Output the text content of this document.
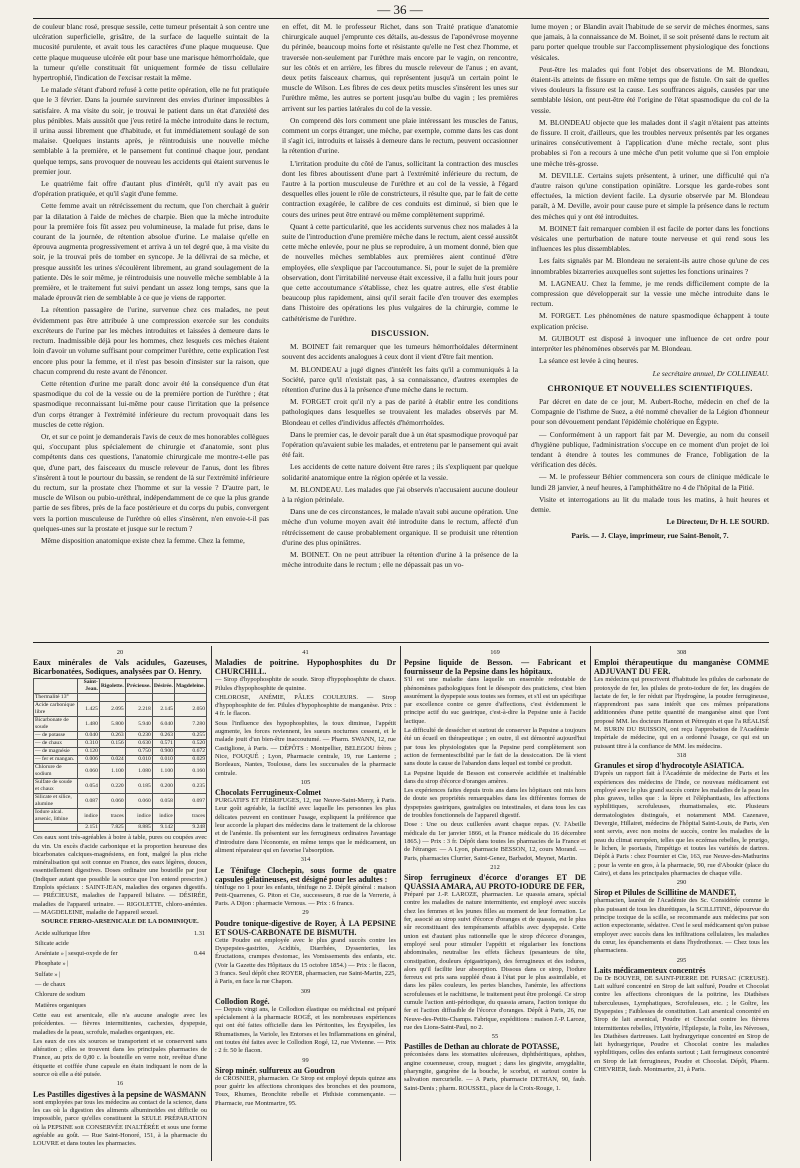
— 36 —

de couleur blanc rosé, presque sessile, cette tumeur présentait à son centre une ulcération superficielle, grisâtre, de la surface de laquelle suintait de la mucosité purulente, et avait tous les caractères d'une plaque muqueuse. Que cette plaque muqueuse ulcérée eût pour base une marisque hémorrhoïdale, que la tumeur qu'elle constituait fût uniquement formée de tissu cellulaire hypertrophié, l'indication de l'excisar restait la même.

Le malade s'étant d'abord refusé à cette petite opération, elle ne fut pratiquée que le 3 février. Dans la journée survinrent des envies d'uriner impossibles à satisfaire. A ma visite du soir, je trouvai le patient dans un état d'anxiété des plus pénibles. Mais aussitôt que j'eus retiré la mèche introduite dans le rectum, il urina aussi librement que d'habitude, et fut immédiatement soulagé de son malaise. Quelques instants après, je réintroduisis une nouvelle mèche semblable à la première, et le pansement fut continué chaque jour, pendant quelque temps, sans provoquer de nouveau les accidents qui étaient survenus le premier jour.

Le quatrième fait offre d'autant plus d'intérêt, qu'il n'y avait pas eu d'opération pratiquée, et qu'il s'agit d'une femme.

Cette femme avait un rétrécissement du rectum, que l'on cherchait à guérir par la dilatation à l'aide de mèches de charpie. Bien que la mèche introduite pour la première fois fût assez peu volumineuse, la malade fut prise, dans le courant de la journée, de rétention absolue d'urine. Le malaise qu'elle en éprouva augmenta progressivement et arriva à un tel degré que, à ma visite du soir, je la trouvai près de tomber en syncope. Je la délivrai de sa mèche, et presque aussitôt les urines s'écoulèrent librement, au grand soulagement de la patiente. Dès le soir même, je réintroduisis une nouvelle mèche semblable à la première, et le traitement fut suivi pendant un assez long temps, sans que la malade éprouvât rien de semblable à ce que je viens de rapporter.

La rétention passagère de l'urine, survenue chez ces malades, ne peut évidemment pas être attribuée à une compression exercée sur les conduits excréteurs de l'urine par les mèches introduites et laissées à demeure dans le rectum. Inadmissible déjà pour les hommes, chez lesquels ces mèches étaient loin d'avoir un volume suffisant pour comprimer l'urèthre, cette explication l'est encore plus pour la femme, et il n'est pas besoin d'insister sur la raison, que chacun comprend du reste avant de l'énoncer.

Cette rétention d'urine me paraît donc avoir été la conséquence d'un état spasmodique du col de la vessie ou de la première portion de l'urèthre ; état spasmodique reconnaissant lui-même pour cause l'irritation que la présence d'un corps étranger à l'extrémité inférieure du rectum provoquait dans les muscles de cette région.

Or, et sur ce point je demanderais l'avis de ceux de mes honorables collègues qui, s'occupant plus spécialement de chirurgie et d'anatomie, sont plus compétents dans ces questions, l'anatomie chirurgicale me montre-t-elle pas que, d'une part, des faisceaux du muscle releveur de l'anus, dont les fibres s'insèrent à tout le pourtour du bassin, se rendent de là sur l'extrémité inférieure du rectum, sur la prostate chez l'homme et sur la vessie ? D'autre part, le muscle de Wilson ou pubio-uréthral, indépendamment de ce que la plus grande partie de ses fibres, près de la face postérieure et du corps du pubis, convergent vers la portion musculeuse de l'urèthre où elles s'insèrent, n'en envoie-t-il pas quelques-unes sur la prostate et jusque sur le rectum ?

Même disposition anatomique existe chez la femme. Chez la femme,

en effet, dit M. le professeur Richet, dans son Traité pratique d'anatomie chirurgicale auquel j'emprunte ces détails, au-dessus de l'aponévrose moyenne du périnée, beaucoup moins forte et résistante qu'elle ne l'est chez l'homme, et traversée non-seulement par l'urèthre mais encore par le vagin, on rencontre, sur les côtés et en arrière, les fibres du muscle releveur de l'anus ; en avant, deux petits faisceaux charnus, qui représentent jusqu'à un certain point le muscle de Wilson. Les fibres de ces deux petits muscles s'insèrent les unes sur l'urèthre même, les autres se portent jusqu'au bulbe du vagin ; les premières arrivent sur les parties latérales du col de la vessie.

On comprend dès lors comment une plaie intéressant les muscles de l'anus, comment un corps étranger, une mèche, par exemple, comme dans les cas dont il s'agit ici, introduits et laissés à demeure dans le rectum, peuvent occasionner la rétention d'urine.

L'irritation produite du côté de l'anus, sollicitant la contraction des muscles dont les fibres aboutissent d'une part à l'extrémité inférieure du rectum, de l'autre à la portion musculeuse de l'urèthre et au col de la vessie, à l'égard desquelles elles jouent le rôle de constricteurs, il résulte que, par le fait de cette contraction exagérée, le calibre de ces conduits est diminué, si bien que le cours des urines peut être entravé ou même complètement supprimé.

Quant à cette particularité, que les accidents survenus chez nos malades à la suite de l'introduction d'une première mèche dans le rectum, aient cessé aussitôt cette mèche enlevée, pour ne plus se reproduire, à un moment donné, bien que de nouvelles mèches semblables aux premières aient continué d'être employées, elle s'explique par l'accoutumance. Si, pour le sujet de la première observation, dont l'irritabilité nerveuse était excessive, il a fallu huit jours pour que cette accoutumance s'établisse, chez les quatre autres, elle s'est établie beaucoup plus rapidement, ainsi qu'il serait facile d'en trouver des exemples dans l'histoire des opérations les plus vulgaires de la chirurgie, comme le cathétérisme de l'urèthre.

DISCUSSION.

M. BOINET fait remarquer que les tumeurs hémorrhoïdales déterminent souvent des accidents analogues à ceux dont il vient d'être fait mention.

M. BLONDEAU a jugé dignes d'intérêt les faits qu'il a communiqués à la Société, parce qu'il n'existait pas, à sa connaissance, d'autres exemples de rétention d'urine dus à la présence d'une mèche dans le rectum.

M. FORGET croit qu'il n'y a pas de parité à établir entre les conditions pathologiques dans lesquelles se trouvaient les malades observés par M. Blondeau et celles d'individus affectés d'hémorrhoïdes.

Dans le premier cas, le devoir paraît due à un état spasmodique provoqué par l'opération qu'avaient subie les malades, et entretenu par le pansement qui avait été fait.

Les accidents de cette nature doivent être rares ; ils s'expliquent par quelque solidarité anatomique entre la région opérée et la vessie.

M. BLONDEAU. Les malades que j'ai observés n'accusaient aucune douleur à la région périnéale.

Dans une de ces circonstances, le malade n'avait subi aucune opération. Une mèche d'un volume moyen avait été introduite dans le rectum, affecté d'un rétrécissement de cause probablement organique. Il se produisit une rétention d'urine des plus opiniâtres.

M. BOINET. On ne peut attribuer la rétention d'urine à la présence de la mèche introduite dans le rectum ; elle ne dépassait pas un vo-

lume moyen ; or Blandin avait l'habitude de se servir de mèches énormes, sans que jamais, à la connaissance de M. Boinet, il se soit présenté dans le rectum ait paru porter quelque trouble sur l'accomplissement physiologique des fonctions vésicales.

Peut-être les malades qui font l'objet des observations de M. Blondeau, étaient-ils atteints de fissure en même temps que de fistule. On sait de quelles vives douleurs la fissure est la cause. Les souffrances aiguës, causées par une semblable lésion, ont peut-être été l'origine de l'état spasmodique du col de la vessie.

M. BLONDEAU objecte que les malades dont il s'agit n'étaient pas atteints de fissure. Il croit, d'ailleurs, que les troubles nerveux présentés par les organes urinaires consécutivement à l'application d'une mèche rectale, sont plus probables si l'on a recours à une mèche d'un petit volume que si l'on emploie une mèche très-grosse.

M. DEVILLE. Certains sujets présentent, à uriner, une difficulté qui n'a d'autre raison qu'une constipation opiniâtre. Lorsque les garde-robes sont effectuées, la miction devient facile. La dysurie observée par M. Blondeau paraît, à M. Deville, avoir pour cause pure et simple la présence dans le rectum des mèches qui y ont été introduites.

M. BOINET fait remarquer combien il est facile de porter dans les fonctions vésicales une perturbation de nature toute nerveuse et qui rend sous les influences les plus dissemblables.

Les faits signalés par M. Blondeau ne seraient-ils autre chose qu'une de ces innombrables bizarreries auxquelles sont sujettes les fonctions urinaires ?

M. LAGNEAU. Chez la femme, je me rends difficilement compte de la compression que développerait sur la vessie une mèche introduite dans le rectum.

M. FORGET. Les phénomènes de nature spasmodique échappent à toute explication précise.

M. GUIBOUT est disposé à invoquer une influence de cet ordre pour interpréter les phénomènes observés par M. Blondeau.

La séance est levée à cinq heures.

Le secrétaire annuel, Dr COLLINEAU.
CHRONIQUE ET NOUVELLES SCIENTIFIQUES.

Par décret en date de ce jour, M. Aubert-Roche, médecin en chef de la Compagnie de l'isthme de Suez, a été nommé chevalier de la Légion d'honneur pour son dévouement pendant l'épidémie cholérique en Égypte.

— Conformément à un rapport fait par M. Devergie, au nom du conseil d'hygiène publique, l'administration s'occupe en ce moment d'un projet de loi tendant à étendre à toutes les communes de France, l'obligation de la vérification des décès.

— M. le professeur Béhier commencera son cours de clinique médicale le lundi 28 janvier, à neuf heures, à l'amphithéâtre no 4 de l'hôpital de la Pitié.

Visite et interrogations au lit du malade tous les matins, à huit heures et demie.

Le Directeur, Dr H. LE SOURD.
Paris. — J. Claye, imprimeur, rue Saint-Benoît, 7.
20
Eaux minérales de Vals acidules, Gazeuses, Bicarbonatées, Sodiques, analysées par O. Henry.
	Saint-Jean.	Rigolette.	Précieuse.	Désirée.	Magdeleine.
Thermalité 13°					
Acide carbonique libre	1.425	2.095	2.218	2.145	2.050
Bicarbonate de soude	1.480	5.800	5.940	6.040	7.280
— de potasse	0.040	0.263	0.230	0.263	0.255
— de chaux	0.310	0.156	0.630	0.571	0.520
— de magnésie	0.120		0.750	0.900	0.672
— fer et mangan.	0.006	0.024	0.010	0.010	0.029
Chlorure de sodium	0.060	1.100	1.080	1.100	0.160
Sulfate de soude et chaux	0.054	0.220	0.185	0.200	0.235
Silicate et silice, alumine	0.087	0.060	0.060	0.058	0.097
Iodure alcal. arsenic, lithine	indice	traces	indice	indice	traces
	2.151	7.825	8.885	9.142	9.248

Ces eaux sont très-agréables à boire à table, pures ou coupées avec du vin. Un excès d'acide carbonique et la proportion heureuse des bicarbonates calciques-magnésiens, en font, malgré la plus riche minéralisation qui soit connue en France, des eaux légères, douces, essentiellement digestives. Doses ordinaire une bouteille par jour (Indiquer autant que possible la source que l'on entend prescrire.) Emplois spéciaux : SAINT-JEAN, maladies des organes digestifs. — PRÉCIEUSE, maladies de l'appareil biliaire. — DÉSIRÉE, maladies de l'appareil urinaire. — RIGOLETTE, chloro-anémies. — MAGDELEINE, maladie de l'appareil sexuel.

SOURCE FERRO-ARSENICALE DE LA DOMINIQUE.
Acide sulfurique libre	1.31
Silicate acide	
Arséniate » | sesqui-oxyde de fer	0.44
Phosphate » |	
Sulfate » |	
— de chaux	
Chlorure de sodium	
Matières organiques	

Cette eau est arsenicale, elle n'a aucune analogie avec les précédentes. — fièvres intermittentes, cachexies, dyspepsie, maladies de la peau, scrofule, maladies organiques, etc.

Les eaux de ces six sources se transportent et se conservent sans altération ; elles se trouvent dans les principales pharmacies de France, au prix de 0,80 c. la bouteille en verre noir, revêtue d'une étiquette et coiffée d'une capsule en étain indiquant le nom de la source où elle a été puisée.

16
Les Pastilles digestives à la pepsine de WASMANN

sont employées par tous les médecins au contact de la science, dans les cas où la digestion des aliments albuminoïdes est difficile ou impossible, parce qu'elles constituent la SEULE PRÉPARATION où la PEPSINE soit CONSERVÉE INALTÉRÉE et sous une forme agréable au goût. — Rue Saint-Honoré, 151, à la pharmacie du LOUVRE et dans toutes les pharmacies.

41
Maladies de poitrine. Hypophosphites du Dr CHURCHILL.

— Sirop d'hypophosphite de soude. Sirop d'hypophosphite de chaux. Pilules d'hypophosphite de quinine.

CHLOROSE, ANÉMIE, PÂLES COULEURS. — Sirop d'hypophosphite de fer. Pilules d'hypophosphite de manganèse. Prix : 4 fr. le flacon.

Sous l'influence des hypophosphites, la toux diminue, l'appétit augmente, les forces reviennent, les sueurs nocturnes cessent, et le malade jouit d'un bien-être inaccoutumé. — Pharm. SWANN, 12, rue Castiglione, à Paris. — DÉPÔTS : Montpellier, BELEGOU frères ; Nice, FOUQUÉ ; Lyon, Pharmacie centrale, 19, rue Lanterne ; Bordeaux, Nantes, Toulouse, dans les succursales de la pharmacie centrale.

105
Chocolats Ferrugineux-Colmet

PURGATIFS ET FÉBRIFUGES, 12, rue Neuve-Saint-Merry, à Paris. Leur goût agréable, la facilité avec laquelle les personnes les plus délicates peuvent en continuer l'usage, expliquent la préférence que leur accorde la plupart des médecins dans le traitement de la chlorose et de l'anémie. Ils présentent sur les ferrugineux ordinaires l'avantage d'introduire dans l'économie, en même temps que le médicament, un aliment réparateur qui en favorise l'absorption.

314
Le Ténifuge Clochepin, sous forme de quatre capsules gélatineuses, est désigné pour les adultes :

ténifuge no 1 pour les enfants, ténifuge no 2. Dépôt général : maison Petit-Quarrenes, G. Piton et Cie, successeurs, 8 rue de la Verrerie, à Paris. A Dijon : pharmacie Vernous. — Prix : 6 francs.

29
Poudre tonique-digestive de Royer, À LA PEPSINE ET SOUS-CARBONATE DE BISMUTH.

Cette Poudre est employée avec le plus grand succès contre les Dyspepsies-gastrites, Acidités, Diarrhées, Dyssenteries, les Éructations, crampes d'estomac, les Vomissements des enfants, etc. (Voir la Gazette des Hôpitaux du 15 octobre 1854.) — Prix : le flacon, 3 francs. Seul dépôt chez ROYER, pharmacien, rue Saint-Martin, 225, à Paris, en face la rue Chapon.

309
Collodion Rogé.

— Depuis vingt ans, le Collodion élastique ou médicinal est préparé spécialement à la pharmacie ROGÉ, et les nombreuses expériences qui ont été faites officielle dans les Péritonites, les Érysipèles, les Rhumatismes, la Variole, les Entorses et les Inflammations en général, ont toutes été faites avec le Collodion Rogé, 12, rue Vivienne. — Prix : 2 fr. 50 le flacon.

99
Sirop minér. sulfureux au Goudron

de CROSNIER, pharmacien. Ce Sirop est employé depuis quinze ans pour guérir les affections chroniques des bronches et des poumons, Toux, Rhumes, Bronchite rebelle et Phthisie commençante. — Pharmacie, rue Montmartre, 95.

169
Pepsine liquide de Besson. — Fabricant et fournisseur de la Pepsine dans les hôpitaux.

S'il est une maladie dans laquelle un ensemble redoutable de phénomènes pathologiques font le désespoir des praticiens, c'est bien assurément la dyspepsie sous toutes ses formes, et s'il est un spécifique par excellence contre ce genre d'affections, c'est évidemment le principe actif du suc gastrique, c'est-à-dire la Pepsine unie à l'acide lactique.

La difficulté de dessécher et surtout de conserver la Pepsine a toujours été un écueil en thérapeutique ; en outre, il est démontré aujourd'hui par tous les physiologistes que la Pepsine perd complètement son action de fermentescibilité par le fait de la dessiccation. De là vient sans doute la cause de l'abandon dans lequel est tombé ce produit.

La Pepsine liquide de Besson est conservée acidifiée et inaltérable dans du sirop d'écorce d'oranges amères.

Les expériences faites depuis trois ans dans les hôpitaux ont mis hors de doute ses propriétés remarquables dans les différentes formes de dyspepsies gastriques, gastralgies ou intestinales, et dans tous les cas de troubles fonctionnels de l'appareil digestif.

Dose : Une ou deux cuillerées avant chaque repas. (V. l'Abeille médicale du 1er janvier 1866, et la France médicale du 16 décembre 1865.) — Prix : 3 fr. Dépôt dans toutes les pharmacies de la France et de l'étranger. — A Lyon, pharmacie BESSON, 12, cours Morand. — Paris, pharmacies Clurrier, Saint-Genez, Barbadot, Meynet, Martin.

212
Sirop ferrugineux d'écorce d'oranges ET DE QUASSIA AMARA, AU PROTO-IODURE DE FER,

Préparé par J.-P. LAROZE, pharmacien. Le quassia amara, spécial contre les maladies de nature intermittente, est employé avec succès chez les femmes et les jeunes filles au moment de leur formation. Le fer, associé au sirop suivi d'écorce d'oranges et de quassia, est le plus sûr reconstituant des tempéraments affaiblis avec dyspepsie. Cette union est d'autant plus rationnelle que le sirop d'écorce d'oranges, employé seul pour stimuler l'appétit et régulariser les fonctions abdominales, neutralise les effets fâcheux (pesanteurs de tête, constipation, douleurs épigastriques), des ferrugineux et des iodures, alors qu'il facilite leur absorption. Dissous dans ce sirop, l'iodure ferreux est pris sans suppléé d'eau à l'état pur le plus assimilable, et dans les pâles couleurs, les pertes blanches, l'anémie, les affections scrofuleuses et le rachitisme, le traitement peut être prolongé. Ce sirop cumule l'action anti-périodique, du quassia amara, l'action tonique du fer et l'action diffusible de l'écorce d'oranges. Dépôt à Paris, 26, rue Neuve-des-Petits-Champs. Fabrique, expéditions : maison J.-P. Laroze, rue des Lions-Saint-Paul, no 2.

55
Pastilles de Dethan au chlorate de POTASSE,

préconisées dans les stomatites ulcéreuses, diphthéritiques, aphthes, angine couenneuse, croup, muguet ; dans les gingivite, amygdalite, pharyngite, gangrène de la bouche, le scorbut, et surtout contre la salivation mercurielle. — A Paris, pharmacie DETHAN, 90, faub. Saint-Denis ; pharm. ROUSSEL, place de la Croix-Rouge, 1.

308
Emploi thérapeutique du manganèse COMME ADJUVANT DU FER.

Les médecins qui prescrivent d'habitude les pilules de carbonate de protoxyde de fer, les pilules de proto-iodure de fer, les dragées de lactate de fer, le fer réduit par l'hydrogène, la poudre ferrugineuse, n'apprendront pas sans intérêt que ces mêmes préparations additionnées d'une petite quantité de manganèse ainsi que l'ont proposé MM. les docteurs Hannon et Pétrequin et que l'a RÉALISÉ M. BURIN DU BUISSON, ont reçu l'approbation de l'Académie impériale de médecine, qui en a ordonné l'usage, ce qui est un puissant titre à la confiance de MM. les médecins.

318
Granules et sirop d'hydrocotyle ASIATICA.

D'après un rapport fait à l'Académie de médecine de Paris et les expériences des médecins de l'Inde, ce nouveau médicament est employé avec le plus grand succès contre les maladies de la peau les plus graves, telles que : la lèpre et l'éléphantiasis, les affections syphilitiques, scrofuleuses, rhumatismales, etc. Plusieurs dermatologistes distingués, et notamment MM. Cazenave, Devergie, Hillairet, médecins de l'hôpital Saint-Louis, de Paris, s'en sont servis, avec non moins de succès, contre les maladies de la peau du climat européen, telles que les eczémas rebelles, le prurigo, le lichen, le psoriasis, l'impétigo et toutes les variétés de dartres. Dépôt à Paris : chez Fournier et Cie, 163, rue Neuve-des-Mathurins ; pour la vente en gros, à la pharmacie, 90, rue d'Aboukir (place du Caire), et dans les principales pharmacies de chaque ville.

290
Sirop et Pilules de Scillitine de MANDET,

pharmacien, lauréat de l'Académie des Sc. Considérée comme le plus puissant de tous les diurétiques, la SCILLITINE, dépourvue du principe toxique de la scille, se recommande aux médecins par son action expectorante, sédative. C'est le seul médicament qu'on puisse employer avec succès dans les infiltrations cellulaires, les maladies du cœur, les épanchements et dans l'hydrothorax. — Chez tous les pharmaciens.

295
Laits médicamenteux concentrés

Du Dr BOUYER, DE SAINT-PIERRE DE FURSAC (CREUSE). Lait sulfuré concentré en Sirop de lait sulfuré, Poudre et Chocolat contre les affections chroniques de la poitrine, les Diathèses tuberculeuses, Lymphatiques, Scrofuleuses, etc. ; le Goître, les Dyspepsies ; Faiblesses de constitution. Lait arsenical concentré en Sirop de lait arsenical, Poudre et Chocolat contre les fièvres intermittentes rebelles, l'Hystérie, l'Épilepsie, la Folie, les Névroses, les Diathèses dartreuses. Lait hydrargyrique concentré en Sirop de lait hydrargyrique, Poudre et Chocolat contre les maladies syphilitiques, celles des enfants surtout ; Lait ferrugineux concentré en Sirop de lait ferrugineux, Poudre et Chocolat. Dépôt, Pharm. CHEVRIER, faub. Montmartre, 21, à Paris.
